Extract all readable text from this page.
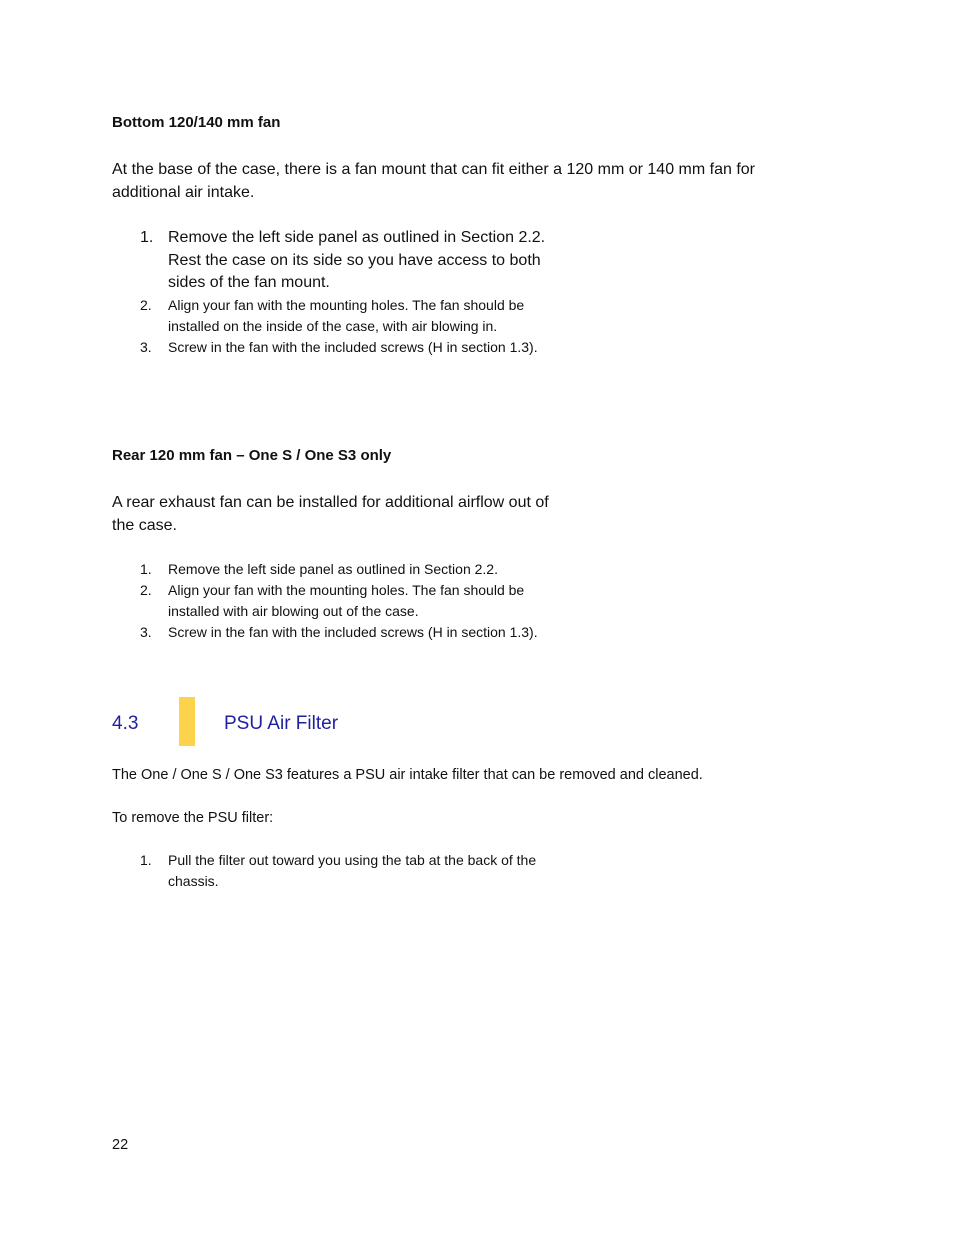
Bottom 120/140 mm fan
At the base of the case, there is a fan mount that can fit either a 120 mm or 140 mm fan for additional air intake.
1. Remove the left side panel as outlined in Section 2.2. Rest the case on its side so you have access to both sides of the fan mount.
2. Align your fan with the mounting holes. The fan should be installed on the inside of the case, with air blowing in.
3. Screw in the fan with the included screws (H in section 1.3).
Rear 120 mm fan – One S / One S3 only
A rear exhaust fan can be installed for additional airflow out of the case.
1. Remove the left side panel as outlined in Section 2.2.
2. Align your fan with the mounting holes. The fan should be installed with air blowing out of the case.
3. Screw in the fan with the included screws (H in section 1.3).
4.3	PSU Air Filter
The One / One S / One S3 features a PSU air intake filter that can be removed and cleaned.
To remove the PSU filter:
1. Pull the filter out toward you using the tab at the back of the chassis.
22
